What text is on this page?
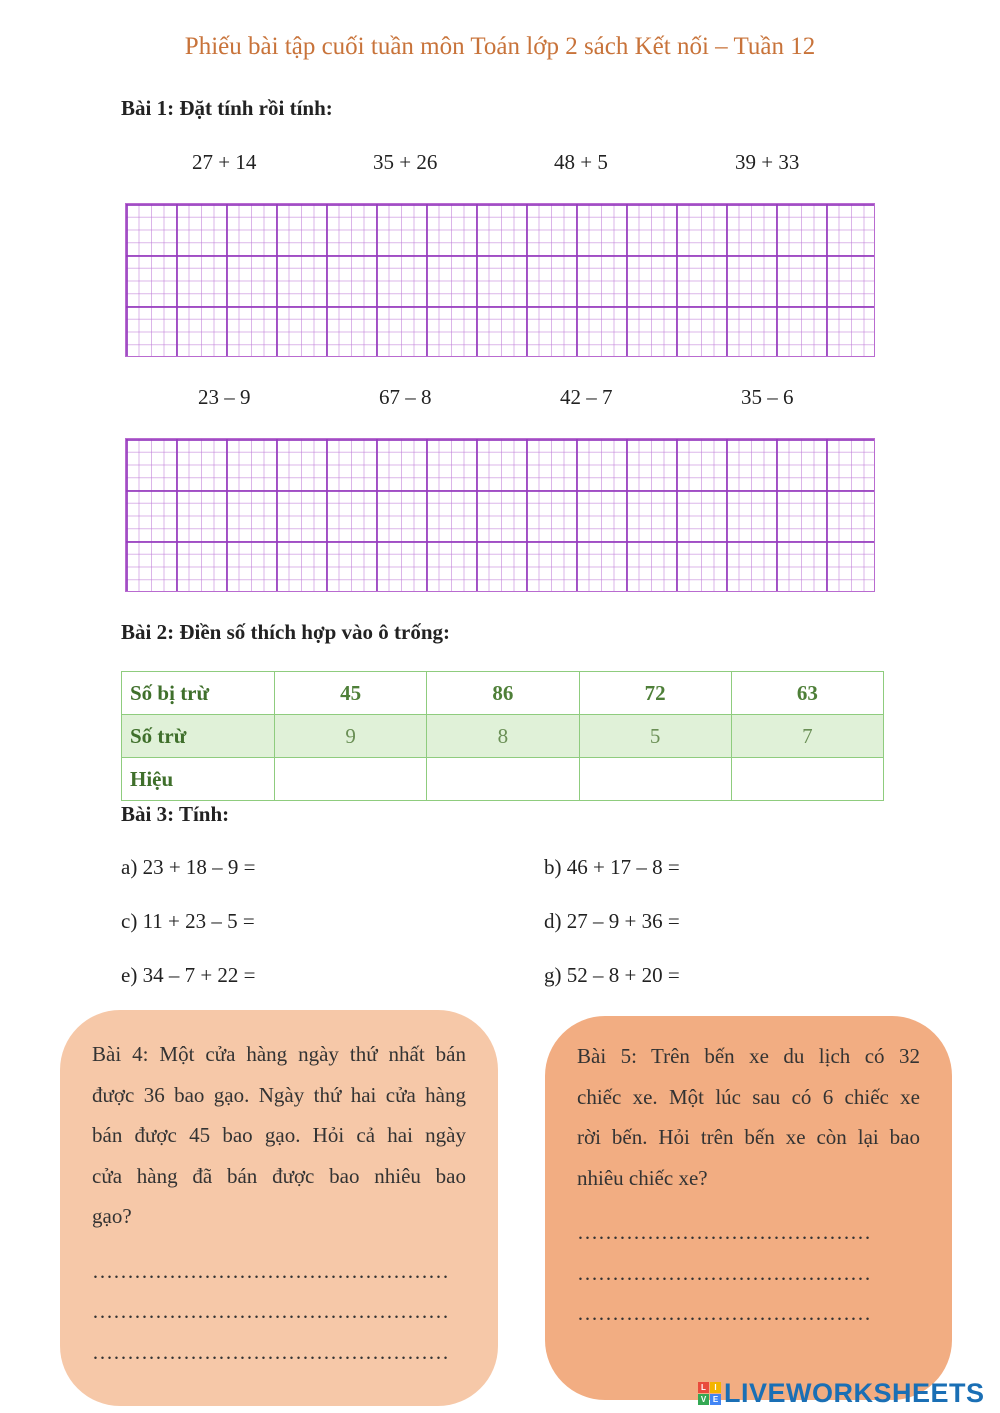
Phiếu bài tập cuối tuần môn Toán lớp 2 sách Kết nối – Tuần 12
Bài 1: Đặt tính rồi tính:
27 + 14	35 + 26	48 + 5	39 + 33
23 – 9	67 – 8	42 – 7	35 – 6
Bài 2: Điền số thích hợp vào ô trống:
Số bị trừ	45	86	72	63
Số trừ	9	8	5	7
Hiệu				
Bài 3: Tính:
a) 23 + 18 – 9 =	b) 46 + 17 – 8 =
c) 11 + 23 – 5 =	d) 27 – 9 + 36 =
e) 34 – 7 + 22 =	g) 52 – 8 + 20 =
Bài 4: Một cửa hàng ngày thứ nhất bán
được 36 bao gạo. Ngày thứ hai cửa hàng
bán được 45 bao gạo. Hỏi cả hai ngày
cửa hàng đã bán được bao nhiêu bao
gạo?
……………………………………………
……………………………………………
……………………………………………
Bài 5: Trên bến xe du lịch có 32
chiếc xe. Một lúc sau có 6 chiếc xe
rời bến. Hỏi trên bến xe còn lại bao
nhiêu chiếc xe?
……………………………………
……………………………………
……………………………………
L	I
V E LIVEWORKSHEETS
